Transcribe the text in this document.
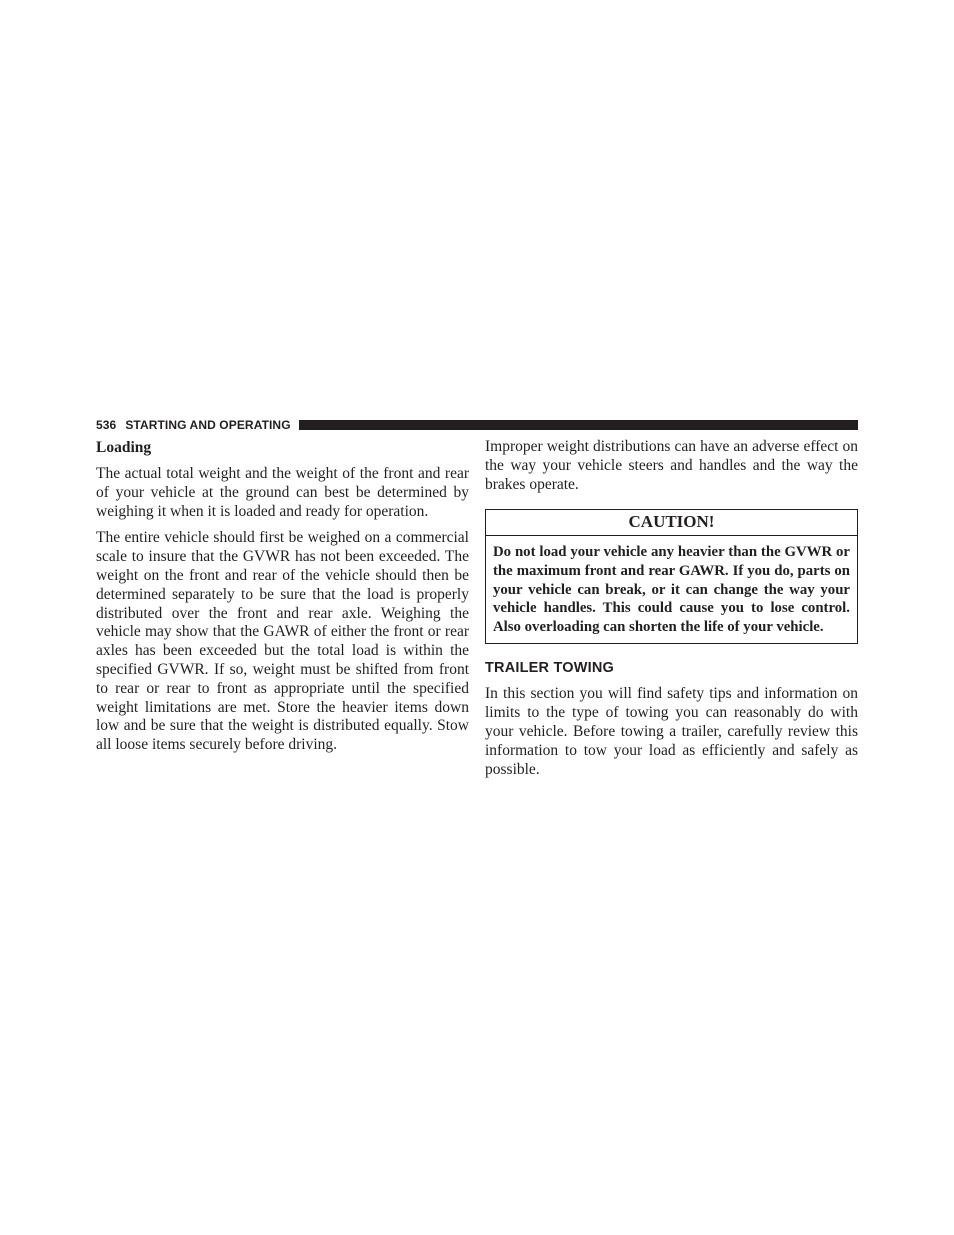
536 STARTING AND OPERATING
Loading

The actual total weight and the weight of the front and rear of your vehicle at the ground can best be determined by weighing it when it is loaded and ready for operation.

The entire vehicle should first be weighed on a commercial scale to insure that the GVWR has not been exceeded. The weight on the front and rear of the vehicle should then be determined separately to be sure that the load is properly distributed over the front and rear axle. Weighing the vehicle may show that the GAWR of either the front or rear axles has been exceeded but the total load is within the specified GVWR. If so, weight must be shifted from front to rear or rear to front as appropriate until the specified weight limitations are met. Store the heavier items down low and be sure that the weight is distributed equally. Stow all loose items securely before driving.

Improper weight distributions can have an adverse effect on the way your vehicle steers and handles and the way the brakes operate.

CAUTION!
Do not load your vehicle any heavier than the GVWR or the maximum front and rear GAWR. If you do, parts on your vehicle can break, or it can change the way your vehicle handles. This could cause you to lose control. Also overloading can shorten the life of your vehicle.
TRAILER TOWING

In this section you will find safety tips and information on limits to the type of towing you can reasonably do with your vehicle. Before towing a trailer, carefully review this information to tow your load as efficiently and safely as possible.
